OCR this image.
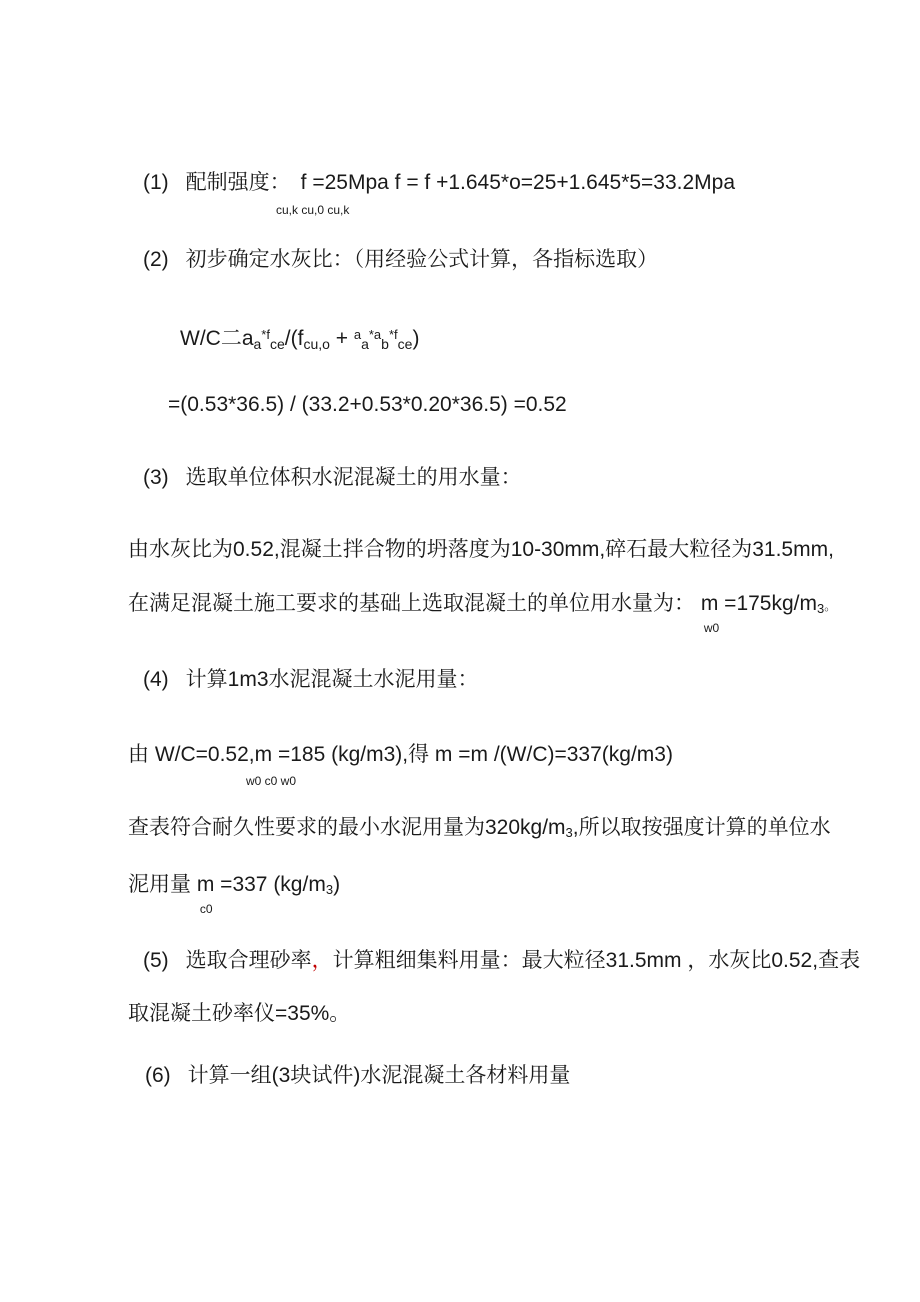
(1) 配制强度： f =25Mpa f = f +1.645*o=25+1.645*5=33.2Mpa
cu,k cu,0 cu,k
(2) 初步确定水灰比：（用经验公式计算，各指标选取）
W/C二$aa^{*f}ce/(fcu,o + ^aa^{*a}b^{*f}ce)$
=(0.53*36.5) / (33.2+0.53*0.20*36.5) =0.52
(3) 选取单位体积水泥混凝土的用水量：
由水灰比为0.52,混凝土拌合物的坍落度为10-30mm,碎石最大粒径为31.5mm,
在满足混凝土施工要求的基础上选取混凝土的单位用水量为： m
w0
=175kg/m3。
(4) 计算1m3水泥混凝土水泥用量：
由 W/C=0.52,m =185 (kg/m3),得 m =m /(W/C)=337(kg/m3)
w0 c0 w0
查表符合耐久性要求的最小水泥用量为320kg/m3,所以取按强度计算的单位水
泥用量 m
c0
=337 (kg/m3)
(5) 选取合理砂率，计算粗细集料用量：最大粒径31.5mm ，水灰比0.52,查表
取混凝土砂率仪=35%。
(6) 计算一组(3块试件)水泥混凝土各材料用量
